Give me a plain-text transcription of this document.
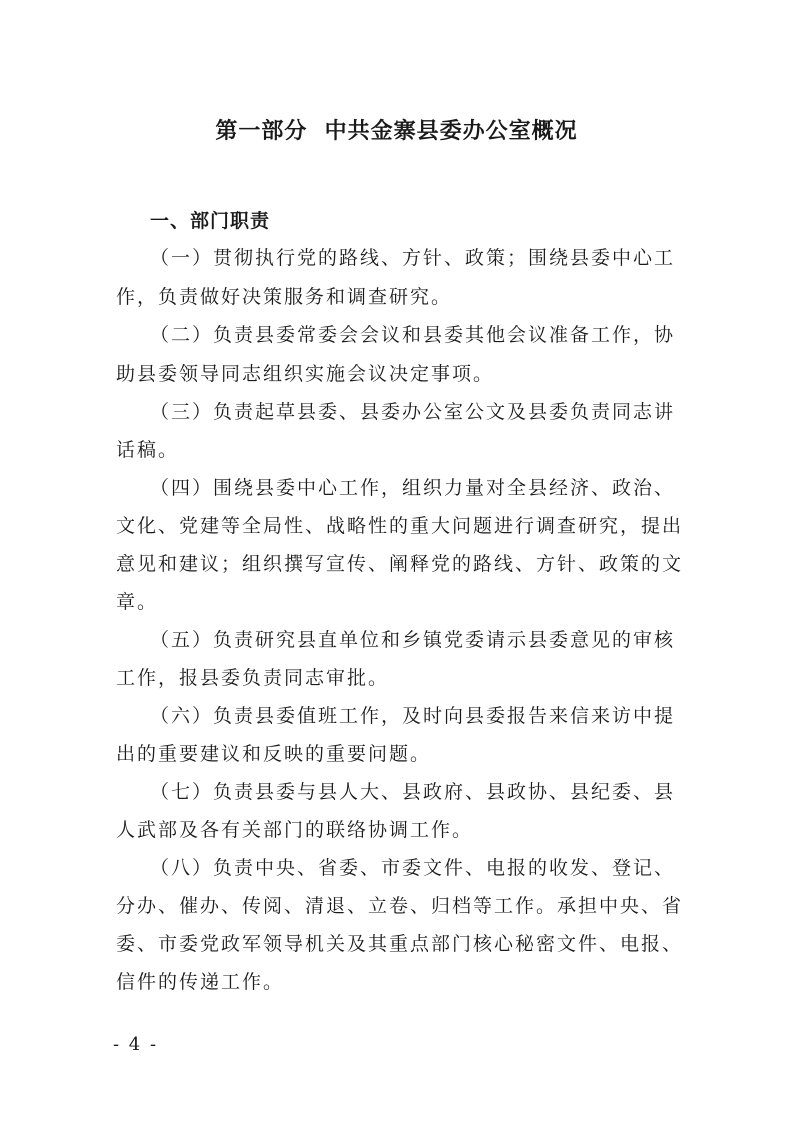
第一部分  中共金寨县委办公室概况
一、部门职责
（一）贯彻执行党的路线、方针、政策；围绕县委中心工
作，负责做好决策服务和调查研究。
（二）负责县委常委会会议和县委其他会议准备工作，协
助县委领导同志组织实施会议决定事项。
（三）负责起草县委、县委办公室公文及县委负责同志讲
话稿。
（四）围绕县委中心工作，组织力量对全县经济、政治、
文化、党建等全局性、战略性的重大问题进行调查研究，提出
意见和建议；组织撰写宣传、阐释党的路线、方针、政策的文
章。
（五）负责研究县直单位和乡镇党委请示县委意见的审核
工作，报县委负责同志审批。
（六）负责县委值班工作，及时向县委报告来信来访中提
出的重要建议和反映的重要问题。
（七）负责县委与县人大、县政府、县政协、县纪委、县
人武部及各有关部门的联络协调工作。
（八）负责中央、省委、市委文件、电报的收发、登记、
分办、催办、传阅、清退、立卷、归档等工作。承担中央、省
委、市委党政军领导机关及其重点部门核心秘密文件、电报、
信件的传递工作。
- 4 -
